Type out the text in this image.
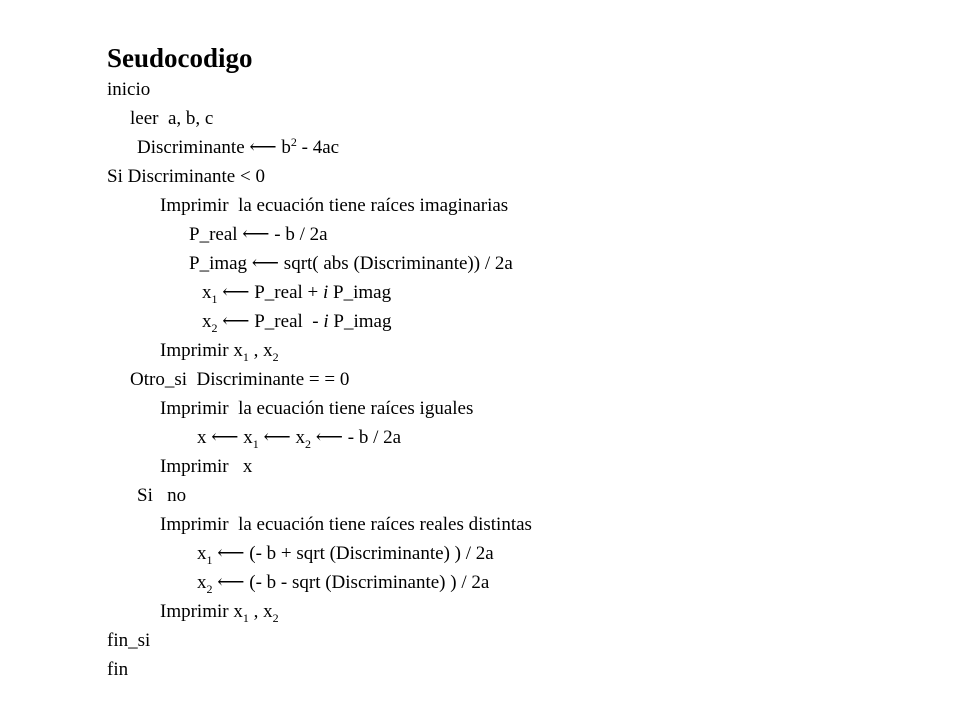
Seudocodigo
inicio
leer  a, b, c
Discriminante ⟵ $b^2 - 4ac$
Si Discriminante < 0
Imprimir  la ecuación tiene raíces imaginarias
P_real ⟵ - b / 2a
P_imag ⟵ sqrt( abs (Discriminante)) / 2a
$x_1$ ⟵ P_real + i P_imag
$x_2$ ⟵ P_real  - i P_imag
Imprimir $x_1$ , $x_2$
Otro_si  Discriminante = = 0
Imprimir  la ecuación tiene raíces iguales
x ⟵ $x_1$ ⟵ $x_2$ ⟵ - b / 2a
Imprimir   x
Si   no
Imprimir  la ecuación tiene raíces reales distintas
$x_1$ ⟵ (- b + sqrt (Discriminante) ) / 2a
$x_2$ ⟵ (- b - sqrt (Discriminante) ) / 2a
Imprimir $x_1$ , $x_2$
fin_si
fin
